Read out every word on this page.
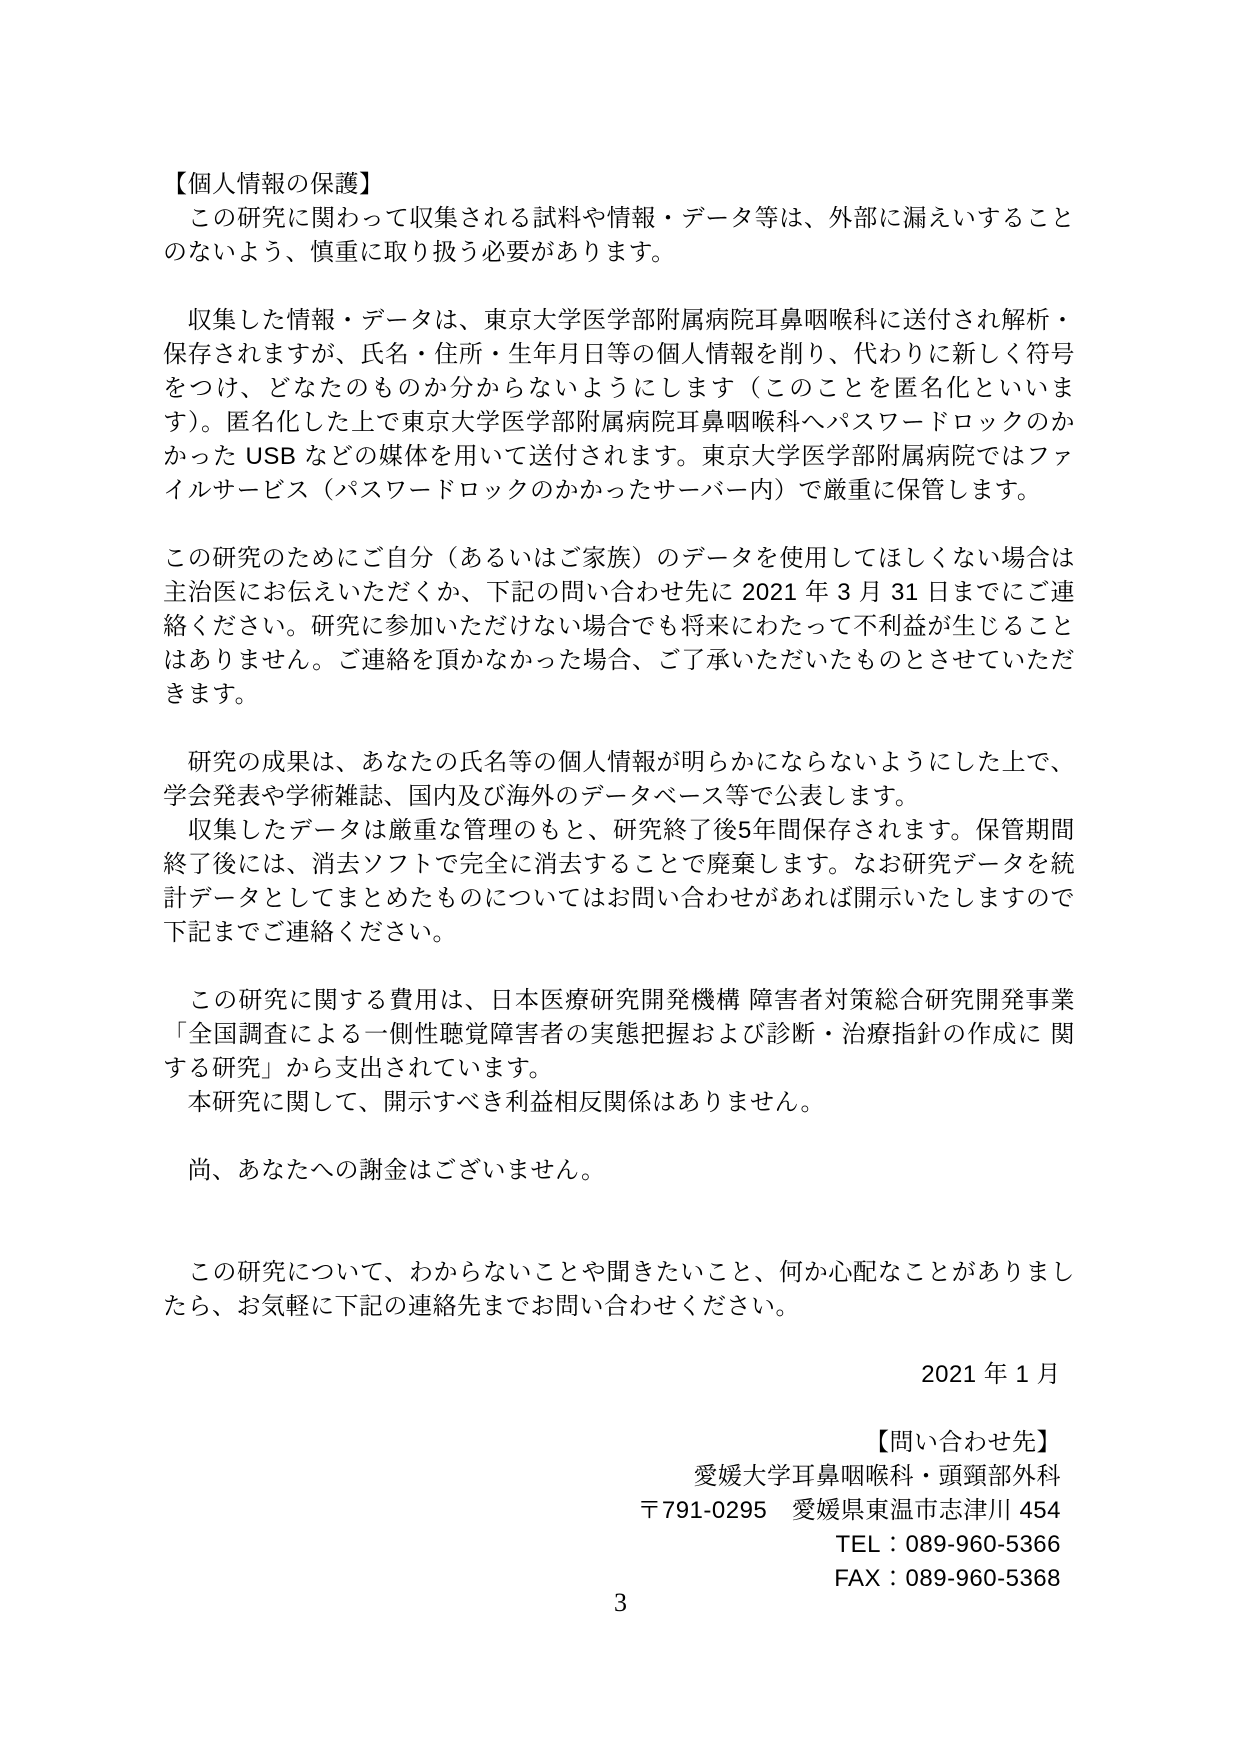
【個人情報の保護】

　この研究に関わって収集される試料や情報・データ等は、外部に漏えいすることのないよう、慎重に取り扱う必要があります。

　収集した情報・データは、東京大学医学部附属病院耳鼻咽喉科に送付され解析・保存されますが、氏名・住所・生年月日等の個人情報を削り、代わりに新しく符号をつけ、どなたのものか分からないようにします（このことを匿名化といいます）。匿名化した上で東京大学医学部附属病院耳鼻咽喉科へパスワードロックのかかった USB などの媒体を用いて送付されます。東京大学医学部附属病院ではファイルサービス（パスワードロックのかかったサーバー内）で厳重に保管します。

この研究のためにご自分（あるいはご家族）のデータを使用してほしくない場合は主治医にお伝えいただくか、下記の問い合わせ先に 2021 年 3 月 31 日までにご連絡ください。研究に参加いただけない場合でも将来にわたって不利益が生じることはありません。ご連絡を頂かなかった場合、ご了承いただいたものとさせていただきます。

　研究の成果は、あなたの氏名等の個人情報が明らかにならないようにした上で、学会発表や学術雑誌、国内及び海外のデータベース等で公表します。

　収集したデータは厳重な管理のもと、研究終了後5年間保存されます。保管期間終了後には、消去ソフトで完全に消去することで廃棄します。なお研究データを統計データとしてまとめたものについてはお問い合わせがあれば開示いたしますので下記までご連絡ください。

　この研究に関する費用は、日本医療研究開発機構 障害者対策総合研究開発事業「全国調査による一側性聴覚障害者の実態把握および診断・治療指針の作成に 関する研究」から支出されています。

　本研究に関して、開示すべき利益相反関係はありません。

　尚、あなたへの謝金はございません。

　この研究について、わからないことや聞きたいこと、何か心配なことがありましたら、お気軽に下記の連絡先までお問い合わせください。

2021 年 1 月

【問い合わせ先】

愛媛大学耳鼻咽喉科・頭頸部外科

〒791-0295　愛媛県東温市志津川 454

TEL：089-960-5366

FAX：089-960-5368

3
